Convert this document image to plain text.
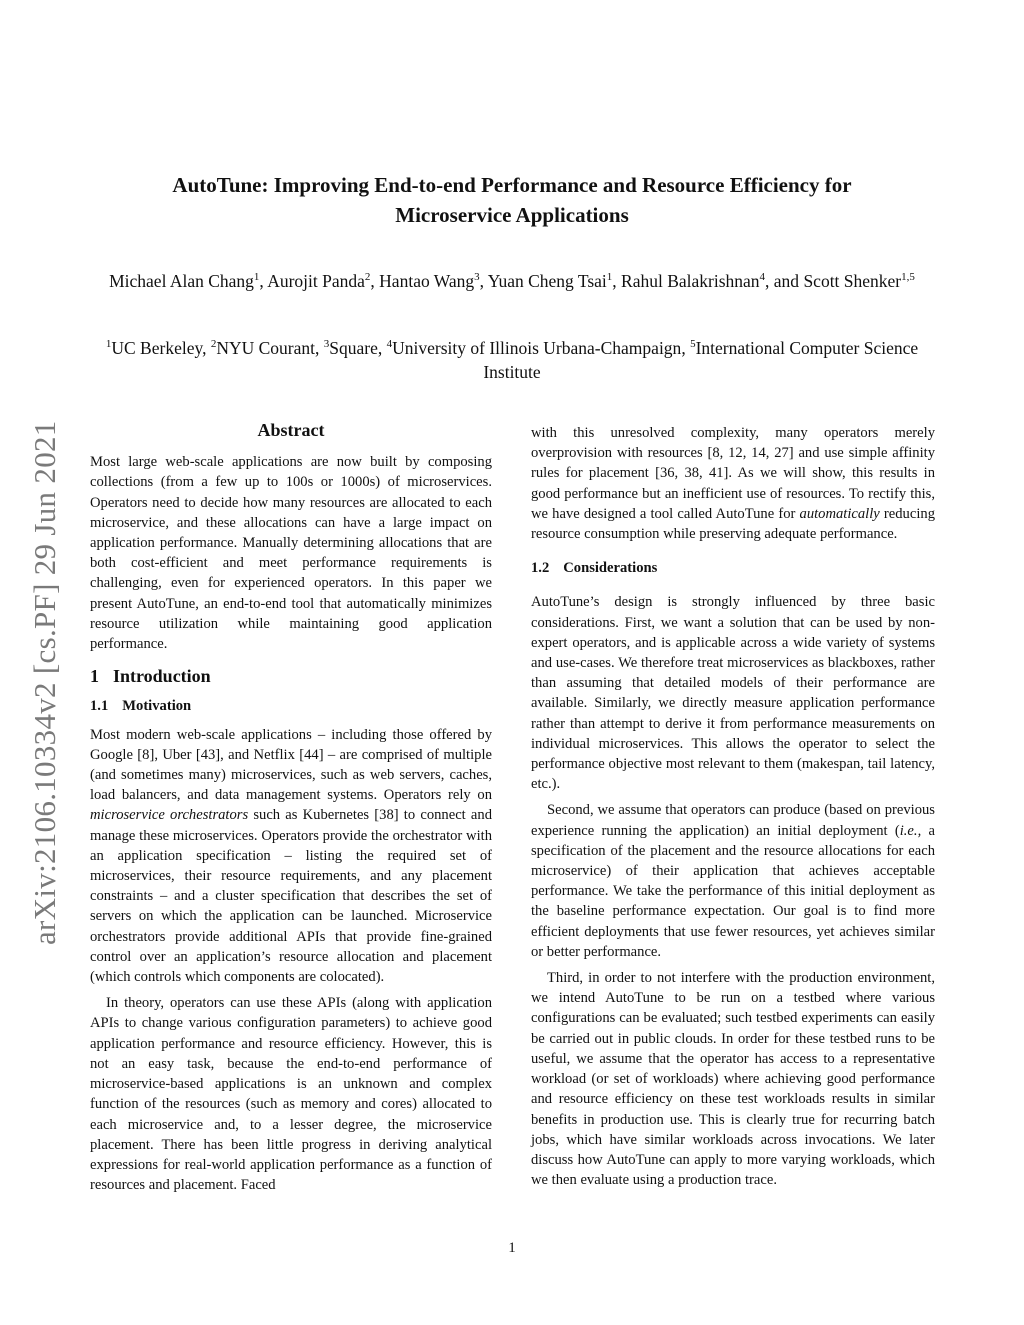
AutoTune: Improving End-to-end Performance and Resource Efficiency for
Microservice Applications
Michael Alan Chang$^1$, Aurojit Panda$^2$, Hantao Wang$^3$, Yuan Cheng Tsai$^1$, Rahul Balakrishnan$^4$, and Scott Shenker$^{1,5}$
$^1$UC Berkeley, $^2$NYU Courant, $^3$Square, $^4$University of Illinois Urbana-Champaign, $^5$International Computer Science Institute
arXiv:2106.10334v2 [cs.PF] 29 Jun 2021	Abstract

Most large web-scale applications are now built by composing collections (from a few up to 100s or 1000s) of microservices. Operators need to decide how many resources are allocated to each microservice, and these allocations can have a large impact on application performance. Manually determining allocations that are both cost-efficient and meet performance requirements is challenging, even for experienced operators. In this paper we present AutoTune, an end-to-end tool that automatically minimizes resource utilization while maintaining good application performance.

1 Introduction
1.1 Motivation

Most modern web-scale applications – including those offered by Google [8], Uber [43], and Netflix [44] – are comprised of multiple (and sometimes many) microservices, such as web servers, caches, load balancers, and data management systems. Operators rely on microservice orchestrators such as Kubernetes [38] to connect and manage these microservices. Operators provide the orchestrator with an application specification – listing the required set of microservices, their resource requirements, and any placement constraints – and a cluster specification that describes the set of servers on which the application can be launched. Microservice orchestrators provide additional APIs that provide fine-grained control over an application’s resource allocation and placement (which controls which components are colocated).

In theory, operators can use these APIs (along with application APIs to change various configuration parameters) to achieve good application performance and resource efficiency. However, this is not an easy task, because the end-to-end performance of microservice-based applications is an unknown and complex function of the resources (such as memory and cores) allocated to each microservice and, to a lesser degree, the microservice placement. There has been little progress in deriving analytical expressions for real-world application performance as a function of resources and placement. Faced

with this unresolved complexity, many operators merely overprovision with resources [8, 12, 14, 27] and use simple affinity rules for placement [36, 38, 41]. As we will show, this results in good performance but an inefficient use of resources. To rectify this, we have designed a tool called AutoTune for automatically reducing resource consumption while preserving adequate performance.

1.2 Considerations

AutoTune’s design is strongly influenced by three basic considerations. First, we want a solution that can be used by non-expert operators, and is applicable across a wide variety of systems and use-cases. We therefore treat microservices as blackboxes, rather than assuming that detailed models of their performance are available. Similarly, we directly measure application performance rather than attempt to derive it from performance measurements on individual microservices. This allows the operator to select the performance objective most relevant to them (makespan, tail latency, etc.).

Second, we assume that operators can produce (based on previous experience running the application) an initial deployment (i.e., a specification of the placement and the resource allocations for each microservice) of their application that achieves acceptable performance. We take the performance of this initial deployment as the baseline performance expectation. Our goal is to find more efficient deployments that use fewer resources, yet achieves similar or better performance.

Third, in order to not interfere with the production environment, we intend AutoTune to be run on a testbed where various configurations can be evaluated; such testbed experiments can easily be carried out in public clouds. In order for these testbed runs to be useful, we assume that the operator has access to a representative workload (or set of workloads) where achieving good performance and resource efficiency on these test workloads results in similar benefits in production use. This is clearly true for recurring batch jobs, which have similar workloads across invocations. We later discuss how AutoTune can apply to more varying workloads, which we then evaluate using a production trace.

1
